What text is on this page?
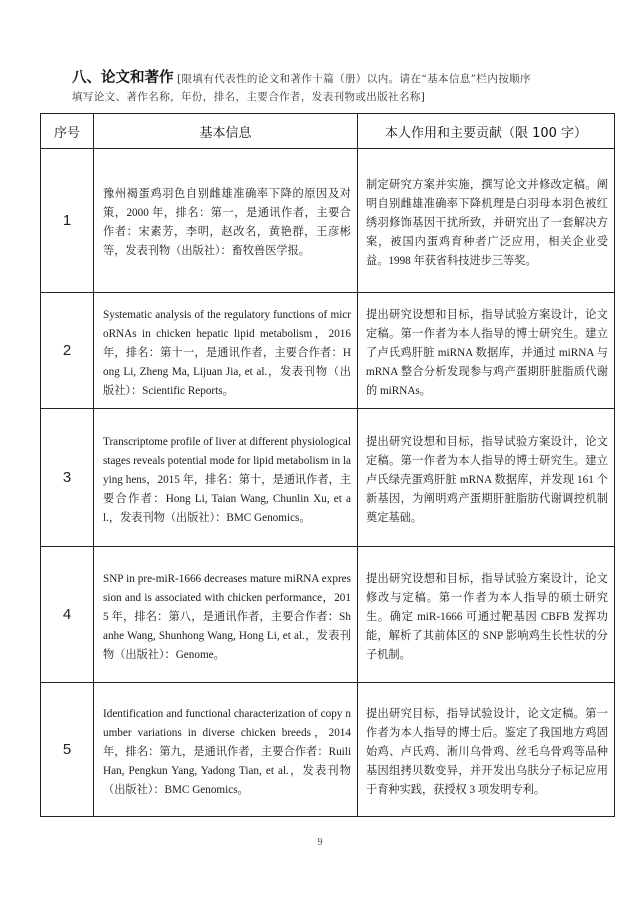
八、论文和著作 [限填有代表性的论文和著作十篇（册）以内。请在“基本信息”栏内按顺序
填写论文、著作名称，年份，排名，主要合作者，发表刊物或出版社名称]
序号	基本信息	本人作用和主要贡献（限 100 字）
1	豫州褐蛋鸡羽色自别雌雄准确率下降的原因及对策，2000 年，排名：第一，是通讯作者，主要合作者：宋素芳，李明，赵改名，黄艳群，王彦彬等，发表刊物（出版社）：畜牧兽医学报。	制定研究方案并实施，撰写论文并修改定稿。阐明自别雌雄准确率下降机理是白羽母本羽色被红绣羽修饰基因干扰所致，并研究出了一套解决方案，被国内蛋鸡育种者广泛应用，相关企业受益。1998 年获省科技进步三等奖。
2	Systematic analysis of the regulatory functions of microRNAs in chicken hepatic lipid metabolism，2016 年，排名：第十一，是通讯作者，主要合作者：Hong Li, Zheng Ma, Lijuan Jia, et al.，发表刊物（出版社）：Scientific Reports。	提出研究设想和目标，指导试验方案设计，论文定稿。第一作者为本人指导的博士研究生。建立了卢氏鸡肝脏 miRNA 数据库，并通过 miRNA 与 mRNA 整合分析发现参与鸡产蛋期肝脏脂质代谢的 miRNAs。
3	Transcriptome profile of liver at different physiological stages reveals potential mode for lipid metabolism in laying hens，2015 年，排名：第十，是通讯作者，主要合作者：Hong Li, Taian Wang, Chunlin Xu, et al.，发表刊物（出版社）：BMC Genomics。	提出研究设想和目标，指导试验方案设计，论文定稿。第一作者为本人指导的博士研究生。建立卢氏绿壳蛋鸡肝脏 mRNA 数据库，并发现 161 个新基因，为阐明鸡产蛋期肝脏脂肪代谢调控机制奠定基础。
4	SNP in pre-miR-1666 decreases mature miRNA expression and is associated with chicken performance，2015 年，排名：第八，是通讯作者，主要合作者：Shanhe Wang, Shunhong Wang, Hong Li, et al.，发表刊物（出版社）：Genome。	提出研究设想和目标，指导试验方案设计，论文修改与定稿。第一作者为本人指导的硕士研究生。确定 miR-1666 可通过靶基因 CBFB 发挥功能，解析了其前体区的 SNP 影响鸡生长性状的分子机制。
5	Identification and functional characterization of copy number variations in diverse chicken breeds，2014 年，排名：第九，是通讯作者，主要合作者：Ruili Han, Pengkun Yang, Yadong Tian, et al.，发表刊物（出版社）：BMC Genomics。	提出研究目标，指导试验设计，论文定稿。第一作者为本人指导的博士后。鉴定了我国地方鸡固始鸡、卢氏鸡、淅川乌骨鸡、丝毛乌骨鸡等品种基因组拷贝数变异，并开发出乌肤分子标记应用于育种实践，获授权 3 项发明专利。
9
